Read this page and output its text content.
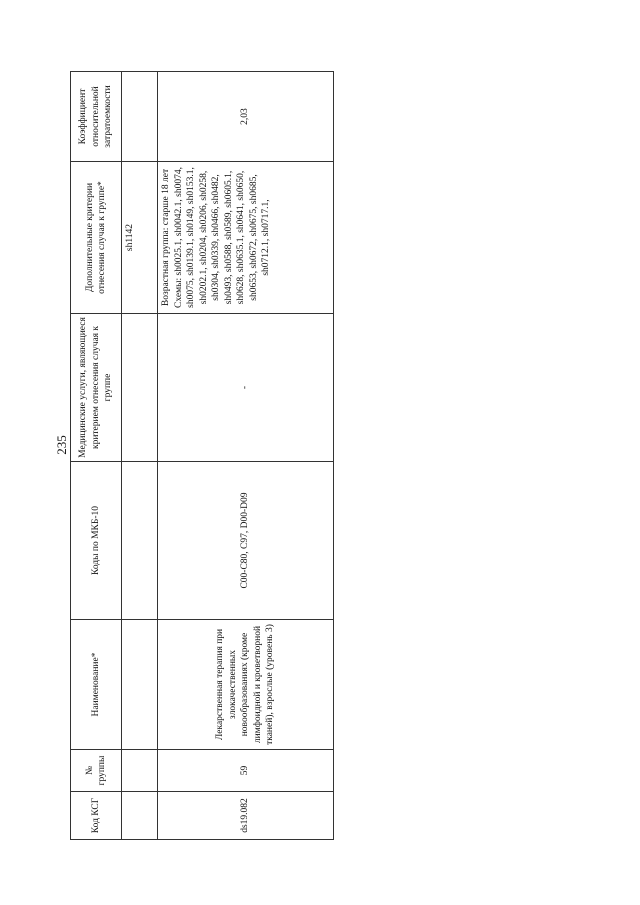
235
Код КСГ	№ группы	Наименование*	Коды по МКБ-10	Медицинские услуги, являющиеся критерием отнесения случая к группе	Дополнительные критерии отнесения случая к группе*	Коэффициент относительной затратоемкости
					sh1142	
ds19.082	59	Лекарственная терапия при злокачественных новообразованиях (кроме лимфоидной и кроветворной тканей), взрослые (уровень 3)	C00-C80, C97, D00-D09	-	Возрастная группа: старше 18 лет Схемы: sh0025.1, sh0042.1, sh0074, sh0075, sh0139.1, sh0149, sh0153.1, sh0202.1, sh0204, sh0206, sh0258, sh0304, sh0339, sh0466, sh0482, sh0493, sh0588, sh0589, sh0605.1, sh0628, sh0635.1, sh0641, sh0650, sh0653, sh0672, sh0675, sh0685, sh0712.1, sh0717.1,	2,03
